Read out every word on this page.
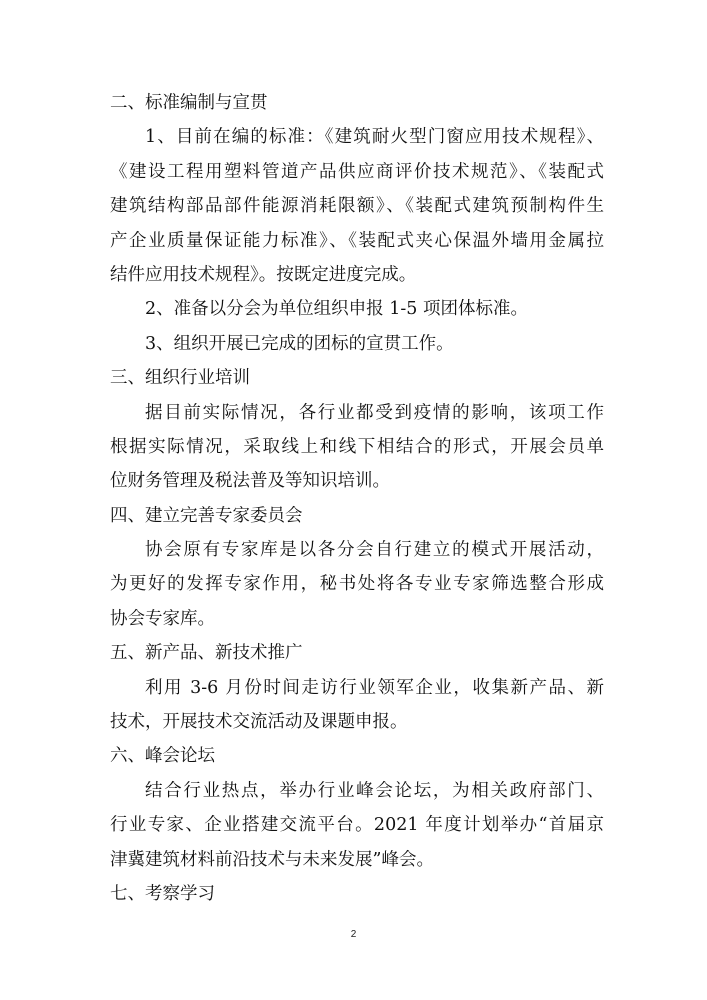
二、标准编制与宣贯
1、目前在编的标准：《建筑耐火型门窗应用技术规程》、
《建设工程用塑料管道产品供应商评价技术规范》、《装配式
建筑结构部品部件能源消耗限额》、《装配式建筑预制构件生
产企业质量保证能力标准》、《装配式夹心保温外墙用金属拉
结件应用技术规程》。按既定进度完成。
2、准备以分会为单位组织申报 1-5 项团体标准。
3、组织开展已完成的团标的宣贯工作。
三、组织行业培训
据目前实际情况，各行业都受到疫情的影响，该项工作
根据实际情况，采取线上和线下相结合的形式，开展会员单
位财务管理及税法普及等知识培训。
四、建立完善专家委员会
协会原有专家库是以各分会自行建立的模式开展活动，
为更好的发挥专家作用，秘书处将各专业专家筛选整合形成
协会专家库。
五、新产品、新技术推广
利用 3-6 月份时间走访行业领军企业，收集新产品、新
技术，开展技术交流活动及课题申报。
六、峰会论坛
结合行业热点，举办行业峰会论坛，为相关政府部门、
行业专家、企业搭建交流平台。2021 年度计划举办“首届京
津冀建筑材料前沿技术与未来发展”峰会。
七、考察学习
2
